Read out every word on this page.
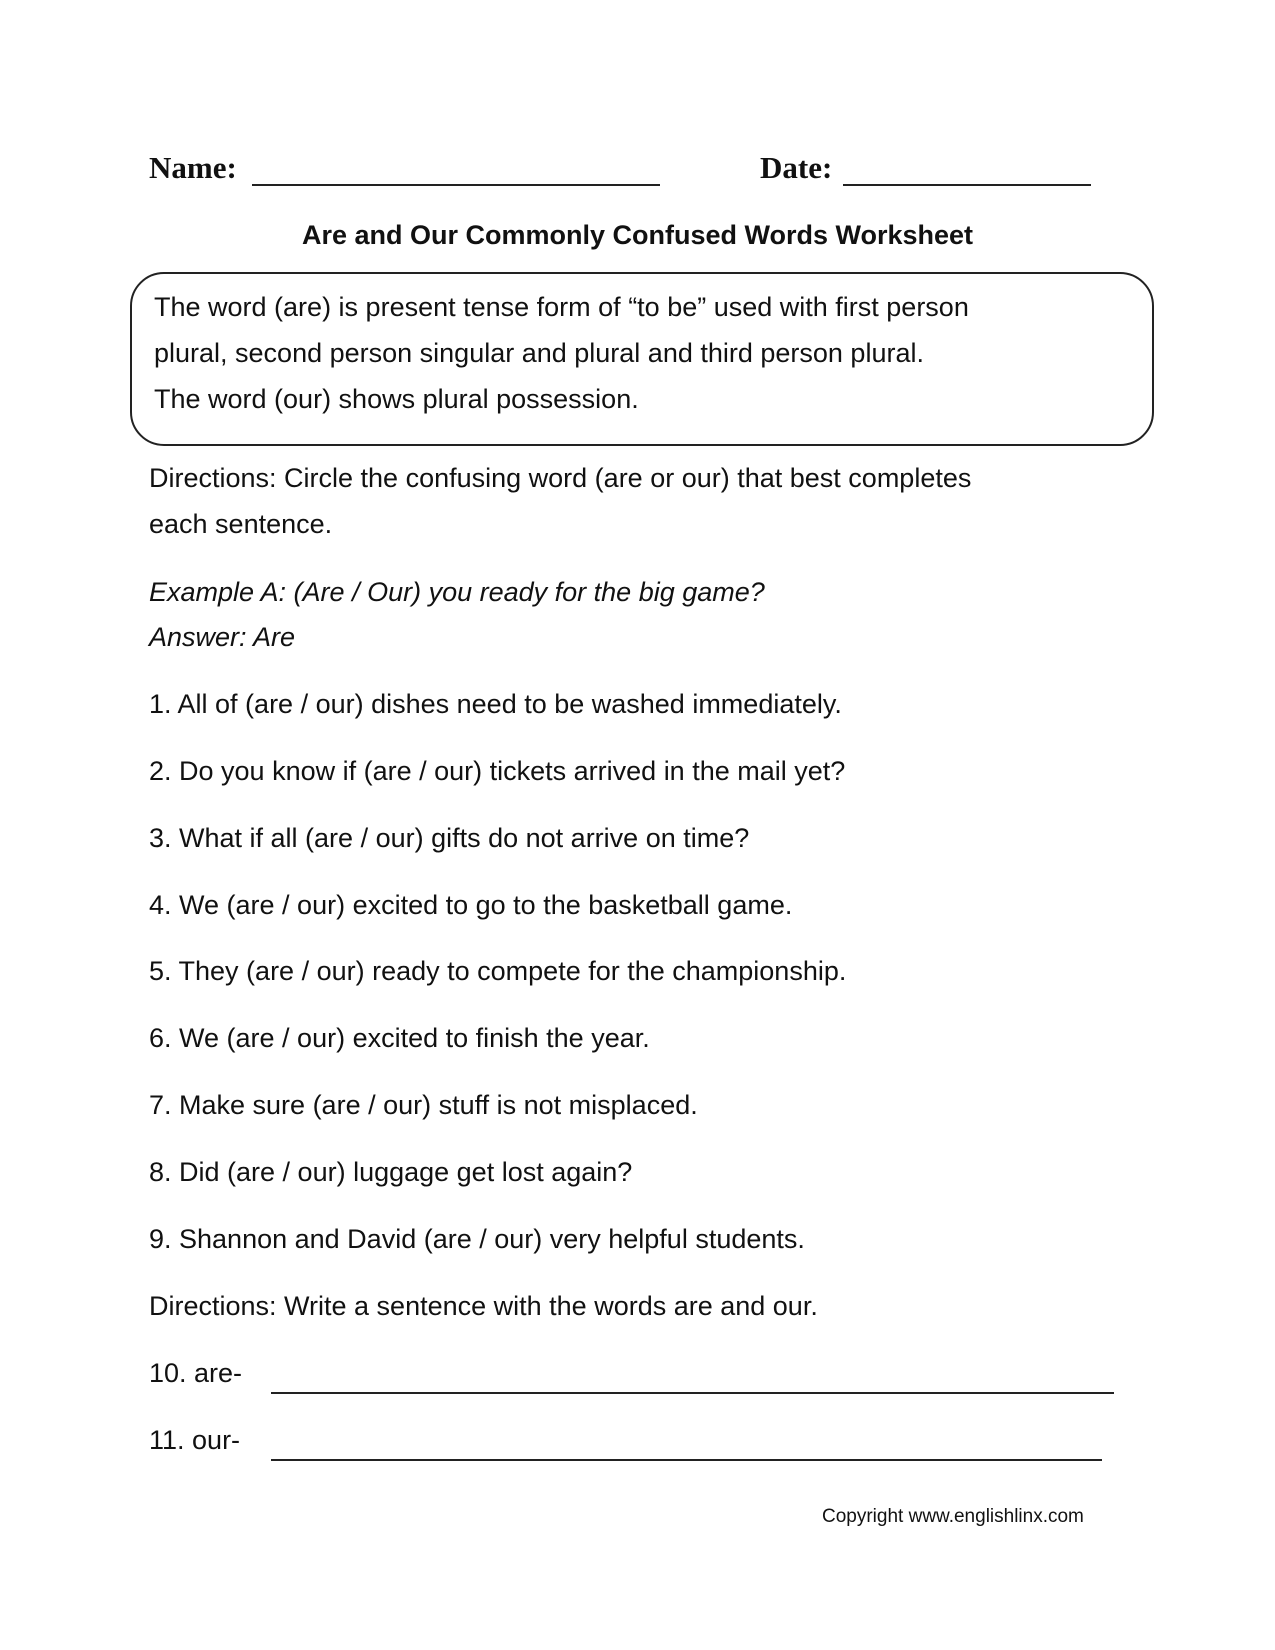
Name:	Date:
Are and Our Commonly Confused Words Worksheet
The word (are) is present tense form of “to be” used with first person
plural, second person singular and plural and third person plural.
The word (our) shows plural possession.
Directions: Circle the confusing word (are or our) that best completes
each sentence.
Example A: (Are / Our) you ready for the big game?
Answer: Are
1. All of (are / our) dishes need to be washed immediately.
2. Do you know if (are / our) tickets arrived in the mail yet?
3. What if all (are / our) gifts do not arrive on time?
4. We (are / our) excited to go to the basketball game.
5. They (are / our) ready to compete for the championship.
6. We (are / our) excited to finish the year.
7. Make sure (are / our) stuff is not misplaced.
8. Did (are / our) luggage get lost again?
9. Shannon and David (are / our) very helpful students.
Directions: Write a sentence with the words are and our.
10. are-
11. our-
Copyright www.englishlinx.com
